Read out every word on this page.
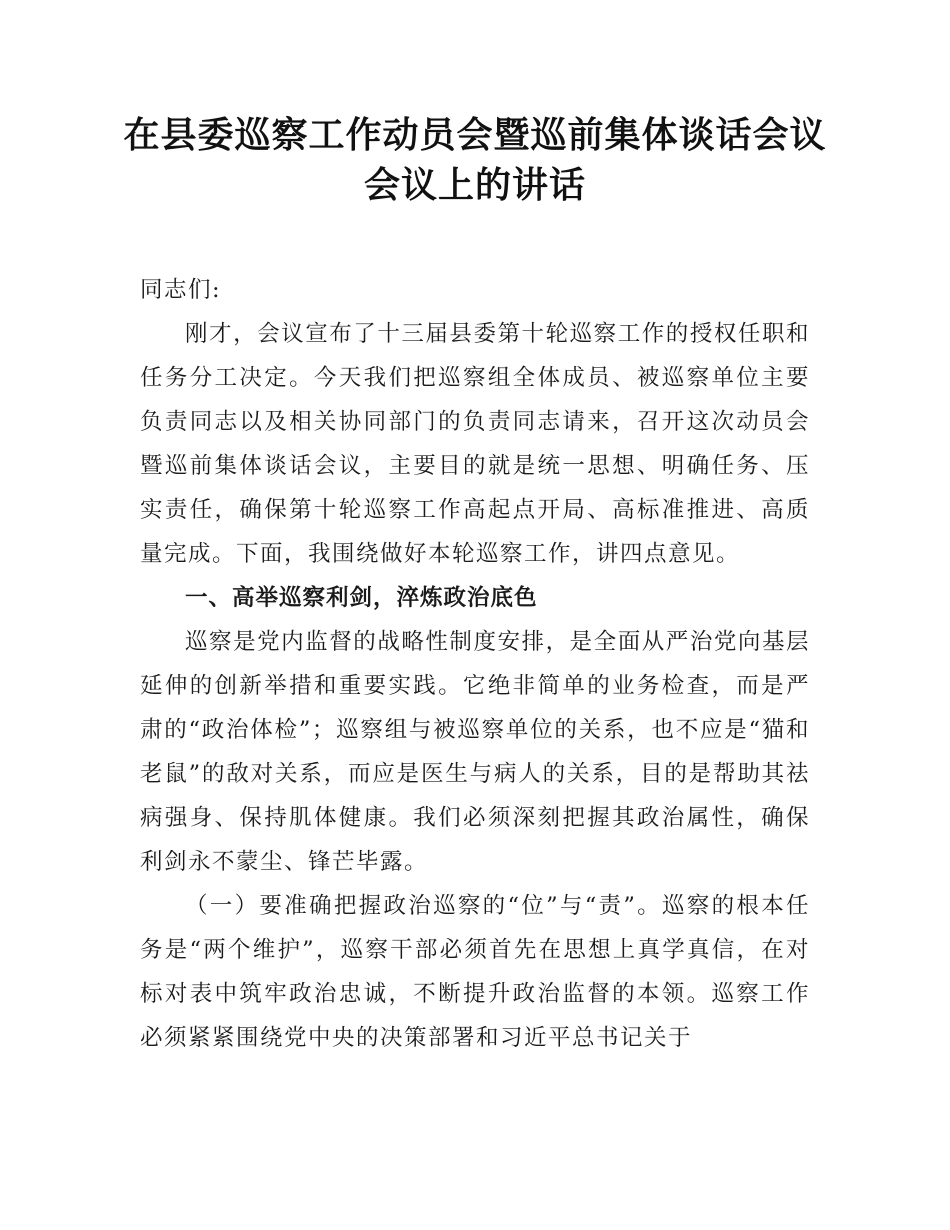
在县委巡察工作动员会暨巡前集体谈话会议
会议上的讲话

同志们:

刚才，会议宣布了十三届县委第十轮巡察工作的授权任职和任务分工决定。今天我们把巡察组全体成员、被巡察单位主要负责同志以及相关协同部门的负责同志请来，召开这次动员会暨巡前集体谈话会议，主要目的就是统一思想、明确任务、压实责任，确保第十轮巡察工作高起点开局、高标准推进、高质量完成。下面，我围绕做好本轮巡察工作，讲四点意见。

一、高举巡察利剑，淬炼政治底色

巡察是党内监督的战略性制度安排，是全面从严治党向基层延伸的创新举措和重要实践。它绝非简单的业务检查，而是严肃的“政治体检”；巡察组与被巡察单位的关系，也不应是“猫和老鼠”的敌对关系，而应是医生与病人的关系，目的是帮助其祛病强身、保持肌体健康。我们必须深刻把握其政治属性，确保利剑永不蒙尘、锋芒毕露。

（一）要准确把握政治巡察的“位”与“责”。巡察的根本任务是“两个维护”，巡察干部必须首先在思想上真学真信，在对标对表中筑牢政治忠诚，不断提升政治监督的本领。巡察工作必须紧紧围绕党中央的决策部署和习近平总书记关于
